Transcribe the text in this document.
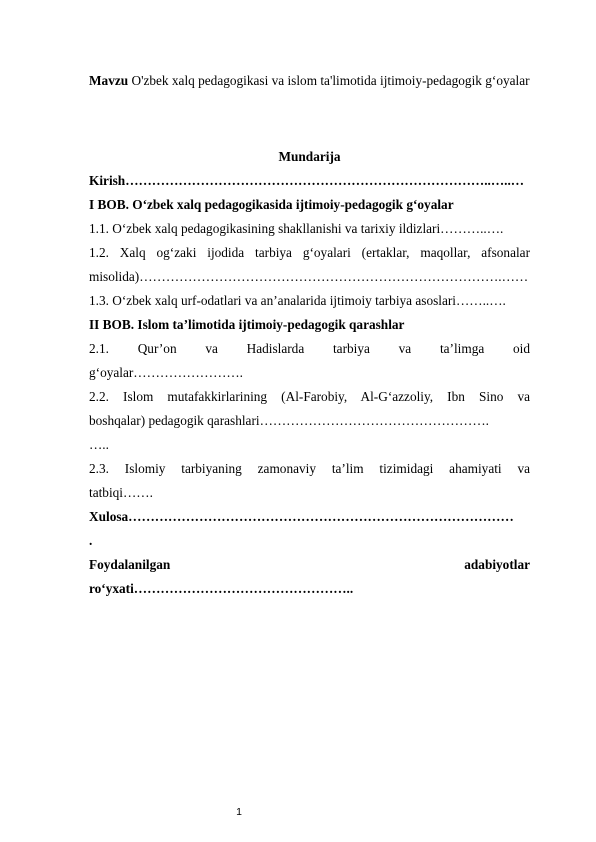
Mavzu O'zbek xalq pedagogikasi va islom ta'limotida ijtimoiy-pedagogik g‘oyalar
Mundarija
Kirish………………………………………………………………………..…..…
I BOB. O‘zbek xalq pedagogikasida ijtimoiy-pedagogik g‘oyalar
1.1. O‘zbek xalq pedagogikasining shakllanishi va tarixiy ildizlari………..….
1.2. Xalq og‘zaki ijodida tarbiya g‘oyalari (ertaklar, maqollar, afsonalar
misolida)……………………………………………………………………….……
1.3. O‘zbek xalq urf-odatlari va an’analarida ijtimoiy tarbiya asoslari……..….
II BOB. Islom ta’limotida ijtimoiy-pedagogik qarashlar
2.1. Qur’on va Hadislarda tarbiya va ta’limga oid
g‘oyalar…………………….
2.2. Islom mutafakkirlarining (Al-Farobiy, Al-G‘azzoliy, Ibn Sino va
boshqalar) pedagogik qarashlari…………………………………………….
…..
2.3. Islomiy tarbiyaning zamonaviy ta’lim tizimidagi ahamiyati va
tatbiqi…….
Xulosa……………………………………………………………………………
.
Foydalanilgan adabiyotlar
ro‘yxati…………………………………………..
1
